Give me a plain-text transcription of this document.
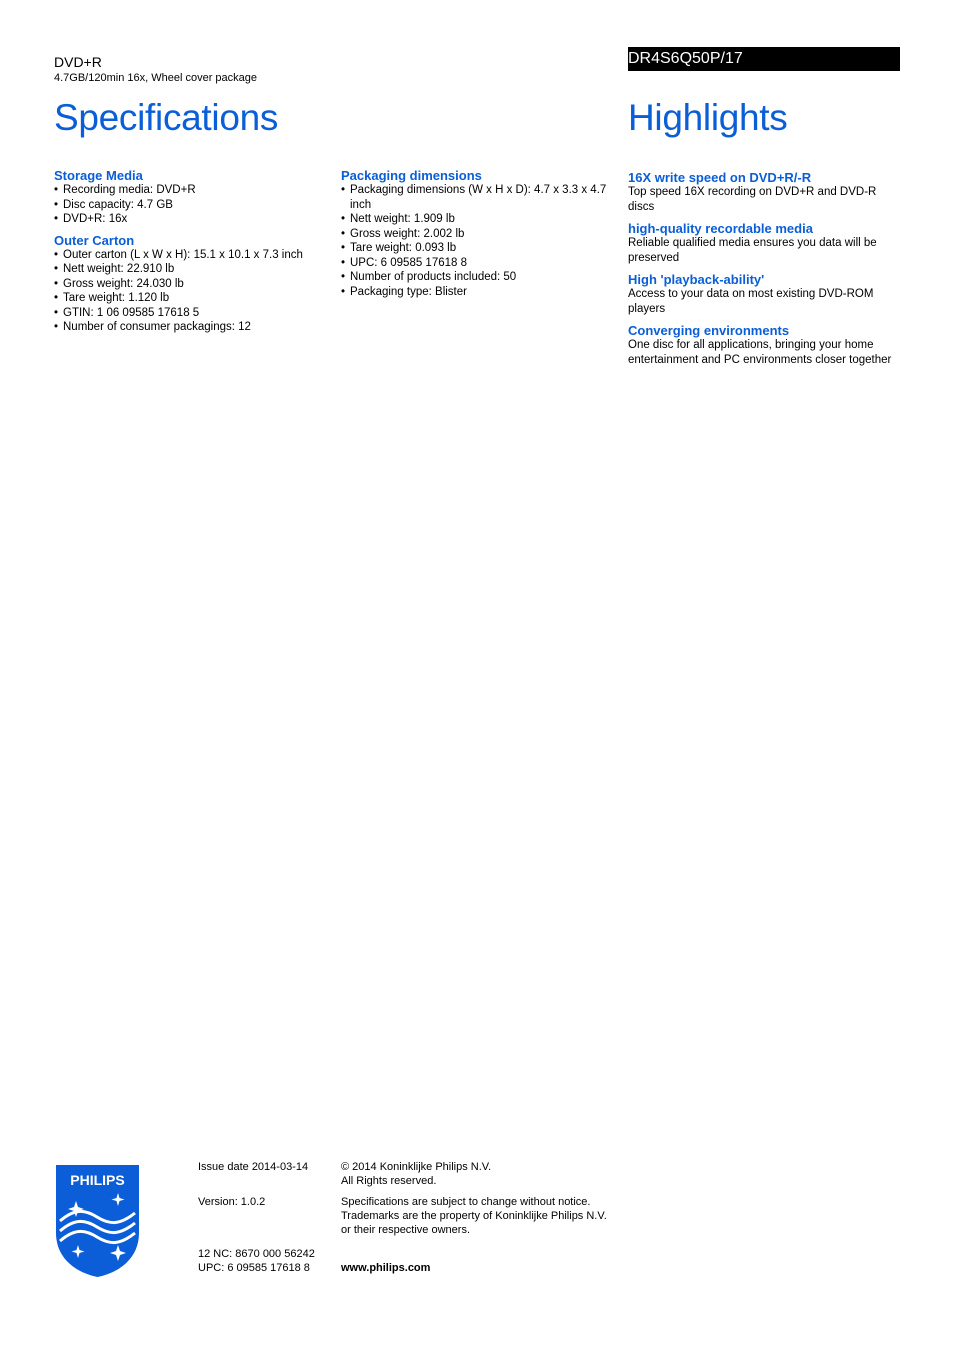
DVD+R
4.7GB/120min 16x, Wheel cover package
DR4S6Q50P/17
Specifications	Highlights
Storage Media
• Recording media: DVD+R
• Disc capacity: 4.7 GB
• DVD+R: 16x
Outer Carton
• Outer carton (L x W x H): 15.1 x 10.1 x 7.3 inch
• Nett weight: 22.910 lb
• Gross weight: 24.030 lb
• Tare weight: 1.120 lb
• GTIN: 1 06 09585 17618 5
• Number of consumer packagings: 12
Packaging dimensions
• Packaging dimensions (W x H x D): 4.7 x 3.3 x 4.7 inch
• Nett weight: 1.909 lb
• Gross weight: 2.002 lb
• Tare weight: 0.093 lb
• UPC: 6 09585 17618 8
• Number of products included: 50
• Packaging type: Blister
16X write speed on DVD+R/-R
Top speed 16X recording on DVD+R and DVD-R discs
high-quality recordable media
Reliable qualified media ensures you data will be preserved
High 'playback-ability'
Access to your data on most existing DVD-ROM players
Converging environments
One disc for all applications, bringing your home entertainment and PC environments closer together
PHILIPS
Issue date 2014-03-14
Version: 1.0.2
12 NC: 8670 000 56242
UPC: 6 09585 17618 8
© 2014 Koninklijke Philips N.V.
All Rights reserved.
Specifications are subject to change without notice.
Trademarks are the property of Koninklijke Philips N.V.
or their respective owners.
www.philips.com
